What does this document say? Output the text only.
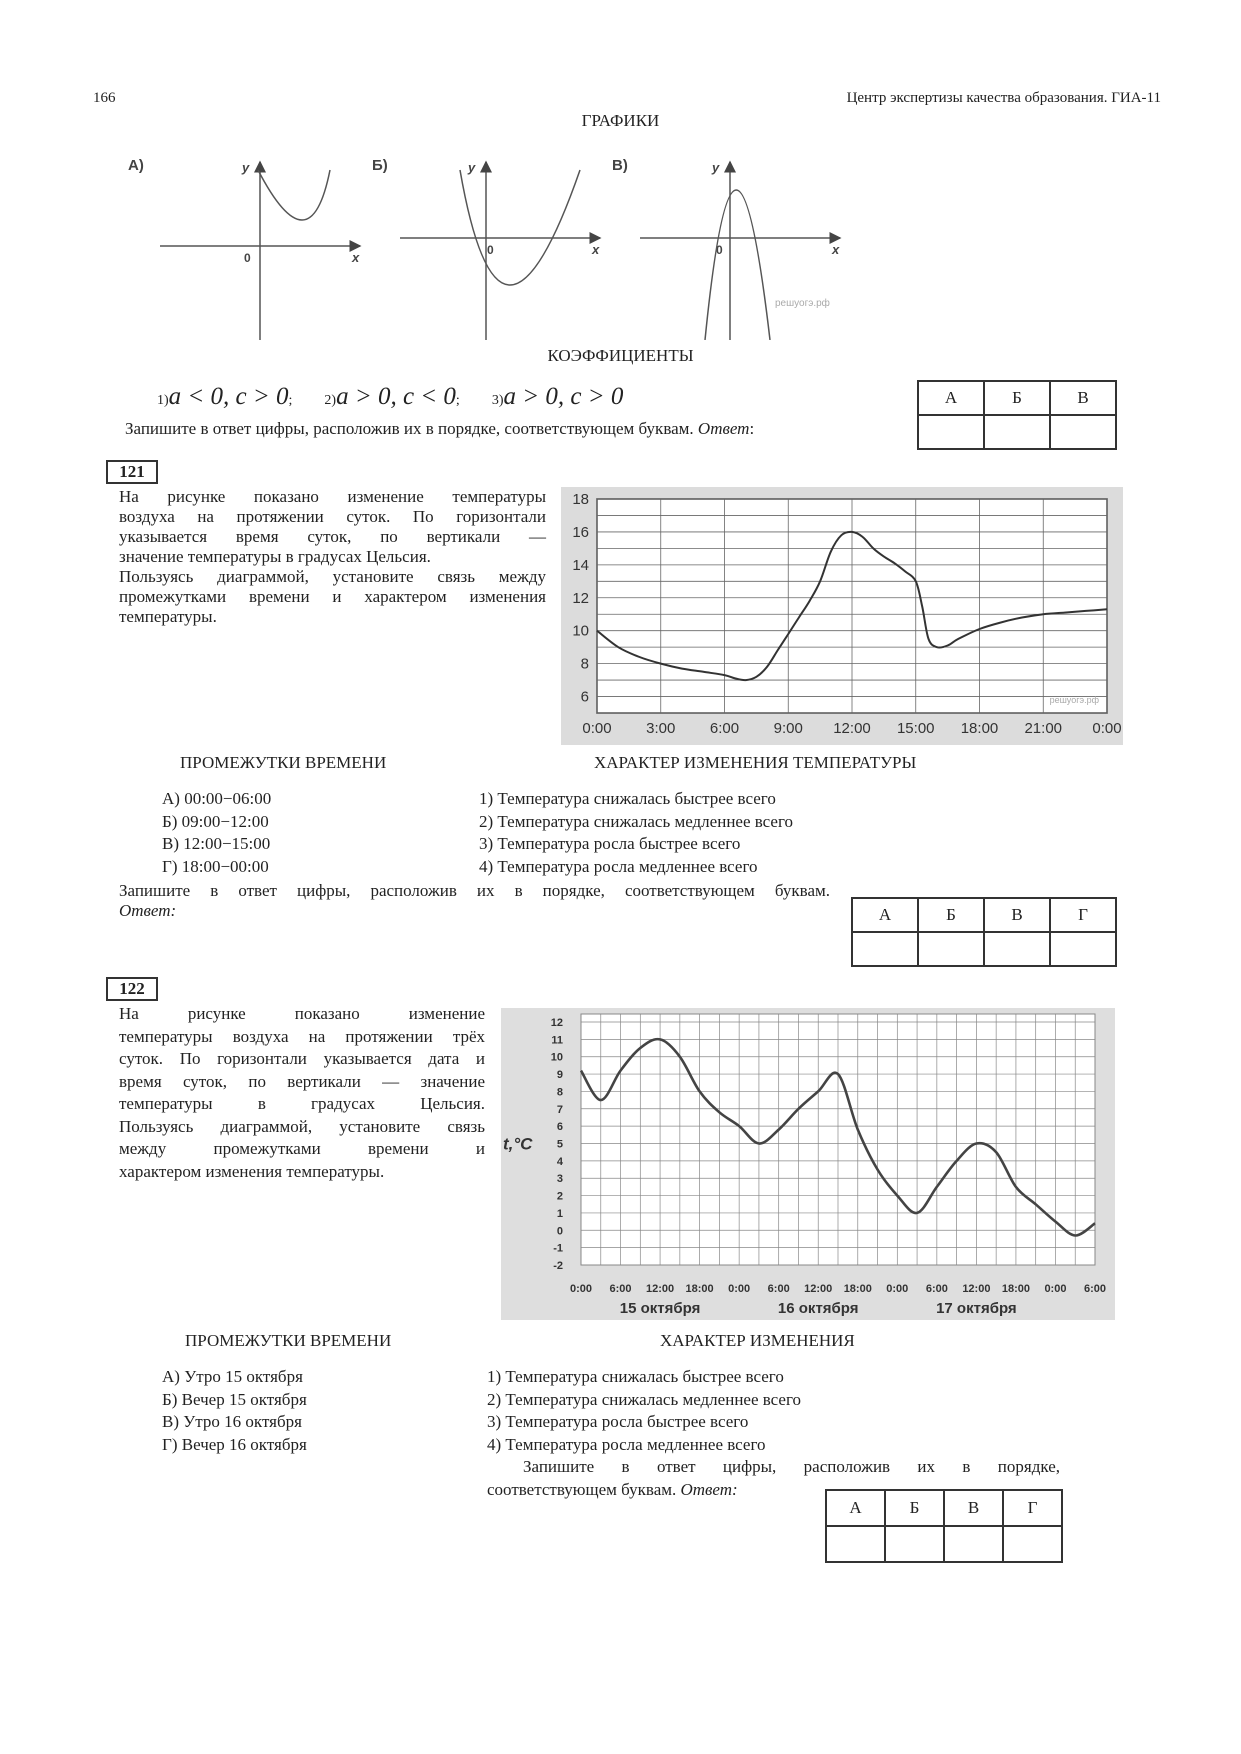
166	Центр экспертизы качества образования. ГИА-11
ГРАФИКИ
А)	y
x
0
Б)	y
x
0
В)	y
x
0
решуогэ.рф
КОЭФФИЦИЕНТЫ
1)a < 0, c > 0; 2)a > 0, c < 0; 3)a > 0, c > 0
Запишите в ответ цифры, расположив их в порядке, соответствующем буквам. Ответ:
А	Б	В

121
На рисунке показано изменение температуры
воздуха на протяжении суток. По горизонтали
указывается время суток, по вертикали —
значение температуры в градусах Цельсия.
Пользуясь диаграммой, установите связь между
промежутками времени и характером изменения
температуры.
0:00 3:00 6:00 9:00 12:00 15:00 18:00 21:00 0:00
6
8
10
12
14
16
18
решуогэ.рф
ПРОМЕЖУТКИ ВРЕМЕНИ	ХАРАКТЕР ИЗМЕНЕНИЯ ТЕМПЕРАТУРЫ
А) 00:00−06:00
Б) 09:00−12:00
В) 12:00−15:00
Г) 18:00−00:00
1) Температура снижалась быстрее всего
2) Температура снижалась медленнее всего
3) Температура росла быстрее всего
4) Температура росла медленнее всего
Запишите в ответ цифры, расположив их в порядке, соответствующем буквам.
Ответ:	А	Б	В	Г

122
На рисунке показано изменение
температуры воздуха на протяжении трёх
суток. По горизонтали указывается дата и
время суток, по вертикали — значение
температуры в градусах Цельсия.
Пользуясь диаграммой, установите связь
между промежутками времени и
характером изменения температуры.
-2
-1
0
1
2
3
4
5
6
7
8
9
10
11
12
0:00 6:00 12:00 18:00 0:00 6:00 12:00 18:00 0:00 6:00 12:00 18:00 0:00 6:00
15 октября	16 октября	17 октября
t,°C
ПРОМЕЖУТКИ ВРЕМЕНИ	ХАРАКТЕР ИЗМЕНЕНИЯ
А) Утро 15 октября
Б) Вечер 15 октября
В) Утро 16 октября
Г) Вечер 16 октября
1) Температура снижалась быстрее всего
2) Температура снижалась медленнее всего
3) Температура росла быстрее всего
4) Температура росла медленнее всего
Запишите в ответ цифры, расположив их в порядке,
соответствующем буквам. Ответ:
А	Б	В	Г
